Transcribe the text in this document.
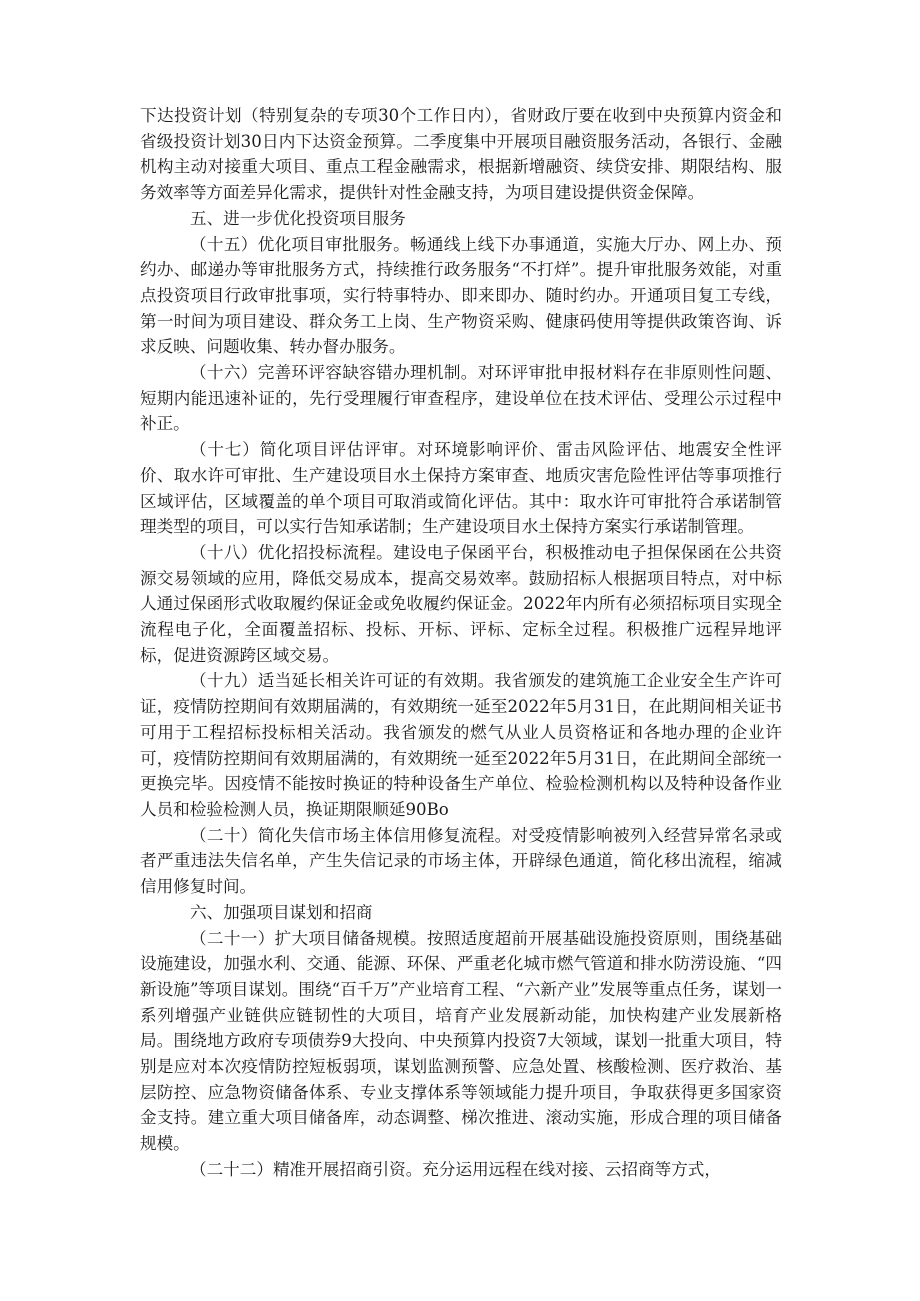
下达投资计划（特别复杂的专项30个工作日内），省财政厅要在收到中央预算内资金和省级投资计划30日内下达资金预算。二季度集中开展项目融资服务活动，各银行、金融机构主动对接重大项目、重点工程金融需求，根据新增融资、续贷安排、期限结构、服务效率等方面差异化需求，提供针对性金融支持，为项目建设提供资金保障。

五、进一步优化投资项目服务

（十五）优化项目审批服务。畅通线上线下办事通道，实施大厅办、网上办、预约办、邮递办等审批服务方式，持续推行政务服务“不打烊”。提升审批服务效能，对重点投资项目行政审批事项，实行特事特办、即来即办、随时约办。开通项目复工专线，第一时间为项目建设、群众务工上岗、生产物资采购、健康码使用等提供政策咨询、诉求反映、问题收集、转办督办服务。

（十六）完善环评容缺容错办理机制。对环评审批申报材料存在非原则性问题、短期内能迅速补证的，先行受理履行审查程序，建设单位在技术评估、受理公示过程中补正。

（十七）简化项目评估评审。对环境影响评价、雷击风险评估、地震安全性评价、取水许可审批、生产建设项目水土保持方案审查、地质灾害危险性评估等事项推行区域评估，区域覆盖的单个项目可取消或简化评估。其中：取水许可审批符合承诺制管理类型的项目，可以实行告知承诺制；生产建设项目水土保持方案实行承诺制管理。

（十八）优化招投标流程。建设电子保函平台，积极推动电子担保保函在公共资源交易领域的应用，降低交易成本，提高交易效率。鼓励招标人根据项目特点，对中标人通过保函形式收取履约保证金或免收履约保证金。2022年内所有必须招标项目实现全流程电子化，全面覆盖招标、投标、开标、评标、定标全过程。积极推广远程异地评标，促进资源跨区域交易。

（十九）适当延长相关许可证的有效期。我省颁发的建筑施工企业安全生产许可证，疫情防控期间有效期届满的，有效期统一延至2022年5月31日，在此期间相关证书可用于工程招标投标相关活动。我省颁发的燃气从业人员资格证和各地办理的企业许可，疫情防控期间有效期届满的，有效期统一延至2022年5月31日，在此期间全部统一更换完毕。因疫情不能按时换证的特种设备生产单位、检验检测机构以及特种设备作业人员和检验检测人员，换证期限顺延90Bo

（二十）简化失信市场主体信用修复流程。对受疫情影响被列入经营异常名录或者严重违法失信名单，产生失信记录的市场主体，开辟绿色通道，简化移出流程，缩减信用修复时间。

六、加强项目谋划和招商

（二十一）扩大项目储备规模。按照适度超前开展基础设施投资原则，围绕基础设施建设，加强水利、交通、能源、环保、严重老化城市燃气管道和排水防涝设施、“四新设施”等项目谋划。围绕“百千万”产业培育工程、“六新产业”发展等重点任务，谋划一系列增强产业链供应链韧性的大项目，培育产业发展新动能，加快构建产业发展新格局。围绕地方政府专项债券9大投向、中央预算内投资7大领域，谋划一批重大项目，特别是应对本次疫情防控短板弱项，谋划监测预警、应急处置、核酸检测、医疗救治、基层防控、应急物资储备体系、专业支撑体系等领域能力提升项目，争取获得更多国家资金支持。建立重大项目储备库，动态调整、梯次推进、滚动实施，形成合理的项目储备规模。

（二十二）精准开展招商引资。充分运用远程在线对接、云招商等方式，
